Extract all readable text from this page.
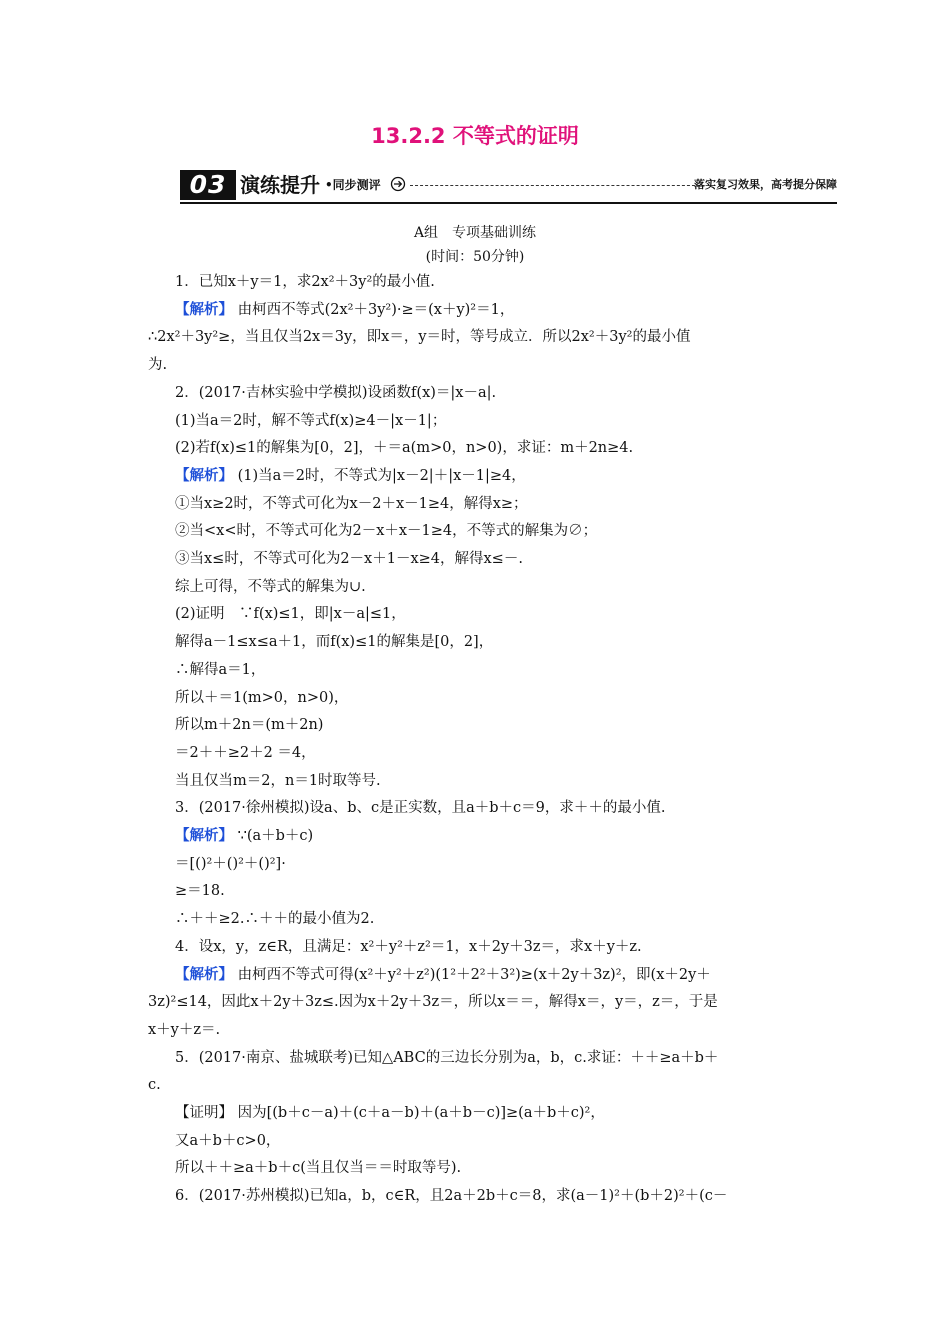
13.2.2 不等式的证明
03 演练提升 •同步测评	落实复习效果，高考提分保障
A组　专项基础训练
(时间：50分钟)
1．已知x＋y＝1，求2x²＋3y²的最小值.
【解析】 由柯西不等式(2x²＋3y²)·≥＝(x＋y)²＝1，
∴2x²＋3y²≥，当且仅当2x＝3y，即x＝，y＝时，等号成立．所以2x²＋3y²的最小值
为.
2．(2017·吉林实验中学模拟)设函数f(x)＝|x－a|.
(1)当a＝2时，解不等式f(x)≥4－|x－1|；
(2)若f(x)≤1的解集为[0，2]，＋＝a(m>0，n>0)，求证：m＋2n≥4.
【解析】 (1)当a＝2时，不等式为|x－2|＋|x－1|≥4，
①当x≥2时，不等式可化为x－2＋x－1≥4，解得x≥；
②当<x<时，不等式可化为2－x＋x－1≥4，不等式的解集为∅；
③当x≤时，不等式可化为2－x＋1－x≥4，解得x≤－.
综上可得，不等式的解集为∪.
(2)证明　∵f(x)≤1，即|x－a|≤1，
解得a－1≤x≤a＋1，而f(x)≤1的解集是[0，2]，
∴解得a＝1，
所以＋＝1(m>0，n>0)，
所以m＋2n＝(m＋2n)
＝2＋＋≥2＋2 ＝4，
当且仅当m＝2，n＝1时取等号.
3．(2017·徐州模拟)设a、b、c是正实数，且a＋b＋c＝9，求＋＋的最小值.
【解析】 ∵(a＋b＋c)
＝[()²＋()²＋()²]·
≥＝18.
∴＋＋≥2.∴＋＋的最小值为2.
4．设x，y，z∈R，且满足：x²＋y²＋z²＝1，x＋2y＋3z＝，求x＋y＋z.
【解析】 由柯西不等式可得(x²＋y²＋z²)(1²＋2²＋3²)≥(x＋2y＋3z)²，即(x＋2y＋
3z)²≤14，因此x＋2y＋3z≤.因为x＋2y＋3z＝，所以x＝＝，解得x＝，y＝，z＝，于是
x＋y＋z＝.
5．(2017·南京、盐城联考)已知△ABC的三边长分别为a，b，c.求证：＋＋≥a＋b＋
c.
【证明】 因为[(b＋c－a)＋(c＋a－b)＋(a＋b－c)]≥(a＋b＋c)²，
又a＋b＋c>0，
所以＋＋≥a＋b＋c(当且仅当＝＝时取等号).
6．(2017·苏州模拟)已知a，b，c∈R，且2a＋2b＋c＝8，求(a－1)²＋(b＋2)²＋(c－
